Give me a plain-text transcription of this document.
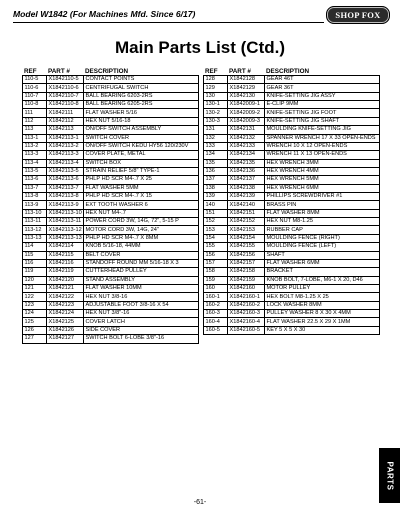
Model W1842 (For Machines Mfd. Since 6/17)	SHOP FOX
Main Parts List (Ctd.)
REF	PART #	DESCRIPTION
110-5	X1842110-5	CONTACT POINTS
110-6	X1842110-6	CENTRIFUGAL SWITCH
110-7	X1842110-7	BALL BEARING 6203-2RS
110-8	X1842110-8	BALL BEARING 6205-2RS
111	X1842111	FLAT WASHER 5/16
112	X1842112	HEX NUT 5/16-18
113	X1842113	ON/OFF SWITCH ASSEMBLY
113-1	X1842113-1	SWITCH COVER
113-2	X1842113-2	ON/OFF SWITCH KEDU HY56 120/230V
113-3	X1842113-3	COVER PLATE, METAL
113-4	X1842113-4	SWITCH BOX
113-5	X1842113-5	STRAIN RELIEF 5/8" TYPE-1
113-6	X1842113-6	PHLP HD SCR M4-.7 X 25
113-7	X1842113-7	FLAT WASHER 5MM
113-8	X1842113-8	PHLP HD SCR M4-.7 X 15
113-9	X1842113-9	EXT TOOTH WASHER 6
113-10	X1842113-10	HEX NUT M4-.7
113-11	X1842113-11	POWER CORD 3W, 14G, 72", 5-15 P
113-12	X1842113-12	MOTOR CORD 3W, 14G, 24"
113-13	X1842113-13	PHLP HD SCR M4-.7 X 8MM
114	X1842114	KNOB 5/16-18, 44MM
115	X1842115	BELT COVER
116	X1842116	STANDOFF ROUND MM 5/16-18 X 3
119	X1842119	CUTTERHEAD PULLEY
120	X1842120	STAND ASSEMBLY
121	X1842121	FLAT WASHER 10MM
122	X1842122	HEX NUT 3/8-16
123	X1842123	ADJUSTABLE FOOT 3/8-16 X 54
124	X1842124	HEX NUT 3/8"-16
125	X1842125	COVER LATCH
126	X1842126	SIDE COVER
127	X1842127	SWITCH BOLT 6-LOBE 3/8"-16
REF	PART #	DESCRIPTION
128	X1842128	GEAR 46T
129	X1842129	GEAR 36T
130	X1842130	KNIFE-SETTING JIG ASSY
130-1	X1842009-1	E-CLIP 9MM
130-2	X1842009-2	KNIFE-SETTING JIG FOOT
130-3	X1842009-3	KNIFE-SETTING JIG SHAFT
131	X1842131	MOULDING KNIFE-SETTING JIG
132	X1842132	SPANNER WRENCH 17 X 33 OPEN-ENDS
133	X1842133	WRENCH 10 X 12 OPEN-ENDS
134	X1842134	WRENCH 11 X 13 OPEN-ENDS
135	X1842135	HEX WRENCH 3MM
136	X1842136	HEX WRENCH 4MM
137	X1842137	HEX WRENCH 5MM
138	X1842138	HEX WRENCH 6MM
139	X1842139	PHILLIPS SCREWDRIVER #1
140	X1842140	BRASS PIN
151	X1842151	FLAT WASHER 8MM
152	X1842152	HEX NUT M8-1.25
153	X1842153	RUBBER CAP
154	X1842154	MOULDING FENCE (RIGHT)
155	X1842155	MOULDING FENCE (LEFT)
156	X1842156	SHAFT
157	X1842157	FLAT WASHER 6MM
158	X1842158	BRACKET
159	X1842159	KNOB BOLT, 7-LOBE, M6-1 X 20, D46
160	X1842160	MOTOR PULLEY
160-1	X1842160-1	HEX BOLT M8-1.25 X 25
160-2	X1842160-2	LOCK WASHER 8MM
160-3	X1842160-3	PULLEY WASHER 8 X 30 X 4MM
160-4	X1842160-4	FLAT WASHER 22.5 X 29 X 1MM
160-5	X1842160-5	KEY 5 X 5 X 30
PARTS
-61-
